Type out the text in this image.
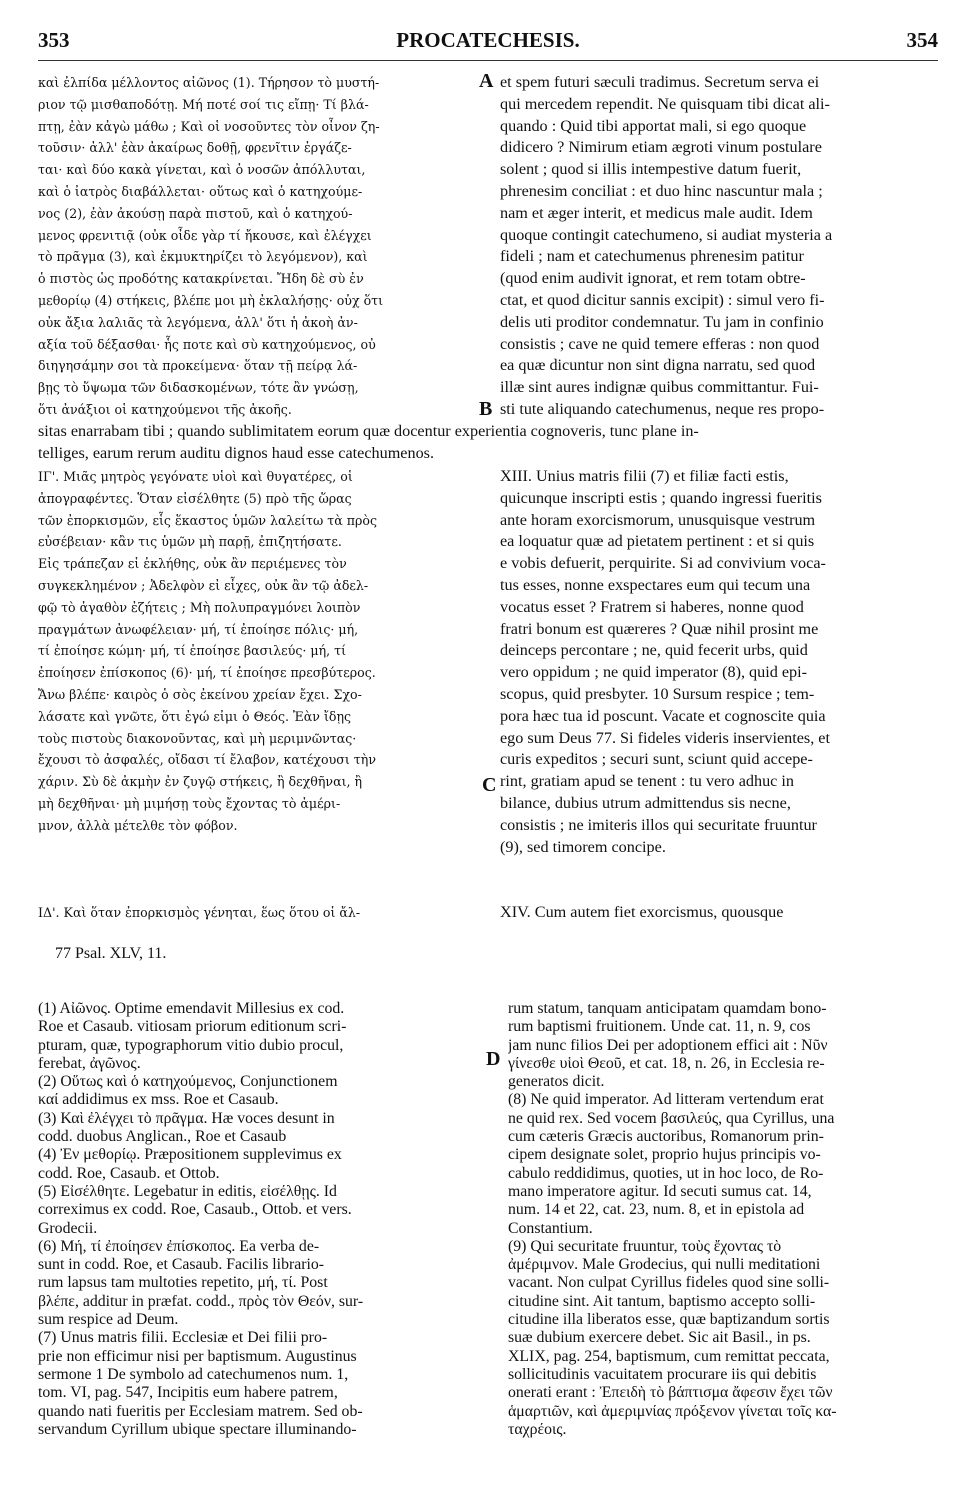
353	PROCATECHESIS.	354
A
B
C
D
καὶ ἐλπίδα μέλλοντος αἰῶνος (1). Τήρησον τὸ μυστή-
ριον τῷ μισθαποδότῃ. Μή ποτέ σοί τις εἴπῃ· Τί βλά-
πτῃ, ἐὰν κἀγὼ μάθω ; Καὶ οἱ νοσοῦντες τὸν οἶνον ζη-
τοῦσιν· ἀλλ' ἐὰν ἀκαίρως δοθῇ, φρενῖτιν ἐργάζε-
ται· καὶ δύο κακὰ γίνεται, καὶ ὁ νοσῶν ἀπόλλυται,
καὶ ὁ ἰατρὸς διαβάλλεται· οὕτως καὶ ὁ κατηχούμε-
νος (2), ἐὰν ἀκούσῃ παρὰ πιστοῦ, καὶ ὁ κατηχού-
μενος φρενιτιᾷ (οὐκ οἶδε γὰρ τί ἤκουσε, καὶ ἐλέγχει
τὸ πρᾶγμα (3), καὶ ἐκμυκτηρίζει τὸ λεγόμενον), καὶ
ὁ πιστὸς ὡς προδότης κατακρίνεται. Ἤδη δὲ σὺ ἐν
μεθορίῳ (4) στήκεις, βλέπε μοι μὴ ἐκλαλήσῃς· οὐχ ὅτι
οὐκ ἄξια λαλιᾶς τὰ λεγόμενα, ἀλλ' ὅτι ἡ ἀκοὴ ἀν-
αξία τοῦ δέξασθαι· ἧς ποτε καὶ σὺ κατηχούμενος, οὐ
διηγησάμην σοι τὰ προκείμενα· ὅταν τῇ πείρᾳ λά-
βῃς τὸ ὕψωμα τῶν διδασκομένων, τότε ἂν γνώσῃ,
ὅτι ἀνάξιοι οἱ κατηχούμενοι τῆς ἀκοῆς.
et spem futuri sæculi tradimus. Secretum serva ei
qui mercedem rependit. Ne quisquam tibi dicat ali-
quando : Quid tibi apportat mali, si ego quoque
didicero ? Nimirum etiam ægroti vinum postulare
solent ; quod si illis intempestive datum fuerit,
phrenesim conciliat : et duo hinc nascuntur mala ;
nam et æger interit, et medicus male audit. Idem
quoque contingit catechumeno, si audiat mysteria a
fideli ; nam et catechumenus phrenesim patitur
(quod enim audivit ignorat, et rem totam obtre-
ctat, et quod dicitur sannis excipit) : simul vero fi-
delis uti proditor condemnatur. Tu jam in confinio
consistis ; cave ne quid temere efferas : non quod
ea quæ dicuntur non sint digna narratu, sed quod
illæ sint aures indignæ quibus committantur. Fui-
sti tute aliquando catechumenus, neque res propo-
sitas enarrabam tibi ; quando sublimitatem eorum quæ docentur experientia cognoveris, tunc plane in-
telliges, earum rerum auditu dignos haud esse catechumenos.
ΙΓ'. Μιᾶς μητρὸς γεγόνατε υἱοὶ καὶ θυγατέρες, οἱ
ἀπογραφέντες. Ὅταν εἰσέλθητε (5) πρὸ τῆς ὥρας
τῶν ἐπορκισμῶν, εἷς ἕκαστος ὑμῶν λαλείτω τὰ πρὸς
εὐσέβειαν· κἂν τις ὑμῶν μὴ παρῇ, ἐπιζητήσατε.
Εἰς τράπεζαν εἰ ἐκλήθης, οὐκ ἂν περιέμενες τὸν
συγκεκλημένον ; Ἀδελφὸν εἰ εἶχες, οὐκ ἂν τῷ ἀδελ-
φῷ τὸ ἀγαθὸν ἐζήτεις ; Μὴ πολυπραγμόνει λοιπὸν
πραγμάτων ἀνωφέλειαν· μή, τί ἐποίησε πόλις· μή,
τί ἐποίησε κώμη· μή, τί ἐποίησε βασιλεύς· μή, τί
ἐποίησεν ἐπίσκοπος (6)· μή, τί ἐποίησε πρεσβύτερος.
Ἄνω βλέπε· καιρὸς ὁ σὸς ἐκείνου χρείαν ἔχει. Σχο-
λάσατε καὶ γνῶτε, ὅτι ἐγώ εἰμι ὁ Θεός. Ἐὰν ἴδῃς
τοὺς πιστοὺς διακονοῦντας, καὶ μὴ μεριμνῶντας·
ἔχουσι τὸ ἀσφαλές, οἴδασι τί ἔλαβον, κατέχουσι τὴν
χάριν. Σὺ δὲ ἀκμὴν ἐν ζυγῷ στήκεις, ἢ δεχθῆναι, ἢ
μὴ δεχθῆναι· μὴ μιμήσῃ τοὺς ἔχοντας τὸ ἀμέρι-
μνον, ἀλλὰ μέτελθε τὸν φόβον.
XIII. Unius matris filii (7) et filiæ facti estis,
quicunque inscripti estis ; quando ingressi fueritis
ante horam exorcismorum, unusquisque vestrum
ea loquatur quæ ad pietatem pertinent : et si quis
e vobis defuerit, perquirite. Si ad convivium voca-
tus esses, nonne exspectares eum qui tecum una
vocatus esset ? Fratrem si haberes, nonne quod
fratri bonum est quæreres ? Quæ nihil prosint me
deinceps percontare ; ne, quid fecerit urbs, quid
vero oppidum ; ne quid imperator (8), quid epi-
scopus, quid presbyter. 10 Sursum respice ; tem-
pora hæc tua id poscunt. Vacate et cognoscite quia
ego sum Deus 77. Si fideles videris inservientes, et
curis expeditos ; securi sunt, sciunt quid accepe-
rint, gratiam apud se tenent : tu vero adhuc in
bilance, dubius utrum admittendus sis necne,
consistis ; ne imiteris illos qui securitate fruuntur
(9), sed timorem concipe.
ΙΔ'. Καὶ ὅταν ἐπορκισμὸς γένηται, ἕως ὅτου οἱ ἄλ-	XIV. Cum autem fiet exorcismus, quousque
77 Psal. XLV, 11.
(1) Αἰῶνος. Optime emendavit Millesius ex cod.
Roe et Casaub. vitiosam priorum editionum scri-
pturam, quæ, typographorum vitio dubio procul,
ferebat, ἀγῶνος.
(2) Οὕτως καὶ ὁ κατηχούμενος, Conjunctionem
καί addidimus ex mss. Roe et Casaub.
(3) Καὶ ἐλέγχει τὸ πρᾶγμα. Hæ voces desunt in
codd. duobus Anglican., Roe et Casaub
(4) Ἐν μεθορίῳ. Præpositionem supplevimus ex
codd. Roe, Casaub. et Ottob.
(5) Εἰσέλθητε. Legebatur in editis, εἰσέλθῃς. Id
correximus ex codd. Roe, Casaub., Ottob. et vers.
Grodecii.
(6) Μή, τί ἐποίησεν ἐπίσκοπος. Ea verba de-
sunt in codd. Roe, et Casaub. Facilis librario-
rum lapsus tam multoties repetito, μή, τί. Post
βλέπε, additur in præfat. codd., πρὸς τὸν Θεόν, sur-
sum respice ad Deum.
(7) Unus matris filii. Ecclesiæ et Dei filii pro-
prie non efficimur nisi per baptismum. Augustinus
sermone 1 De symbolo ad catechumenos num. 1,
tom. VI, pag. 547, Incipitis eum habere patrem,
quando nati fueritis per Ecclesiam matrem. Sed ob-
servandum Cyrillum ubique spectare illuminando-
rum statum, tanquam anticipatam quamdam bono-
rum baptismi fruitionem. Unde cat. 11, n. 9, cos
jam nunc filios Dei per adoptionem effici ait : Νῦν
γίνεσθε υἱοὶ Θεοῦ, et cat. 18, n. 26, in Ecclesia re-
generatos dicit.
(8) Ne quid imperator. Ad litteram vertendum erat
ne quid rex. Sed vocem βασιλεύς, qua Cyrillus, una
cum cæteris Græcis auctoribus, Romanorum prin-
cipem designate solet, proprio hujus principis vo-
cabulo reddidimus, quoties, ut in hoc loco, de Ro-
mano imperatore agitur. Id secuti sumus cat. 14,
num. 14 et 22, cat. 23, num. 8, et in epistola ad
Constantium.
(9) Qui securitate fruuntur, τοὺς ἔχοντας τὸ
ἀμέριμνον. Male Grodecius, qui nulli meditationi
vacant. Non culpat Cyrillus fideles quod sine solli-
citudine sint. Ait tantum, baptismo accepto solli-
citudine illa liberatos esse, quæ baptizandum sortis
suæ dubium exercere debet. Sic ait Basil., in ps.
XLIX, pag. 254, baptismum, cum remittat peccata,
sollicitudinis vacuitatem procurare iis qui debitis
onerati erant : Ἐπειδὴ τὸ βάπτισμα ἄφεσιν ἔχει τῶν
ἁμαρτιῶν, καὶ ἀμεριμνίας πρόξενον γίνεται τοῖς κα-
ταχρέοις.
